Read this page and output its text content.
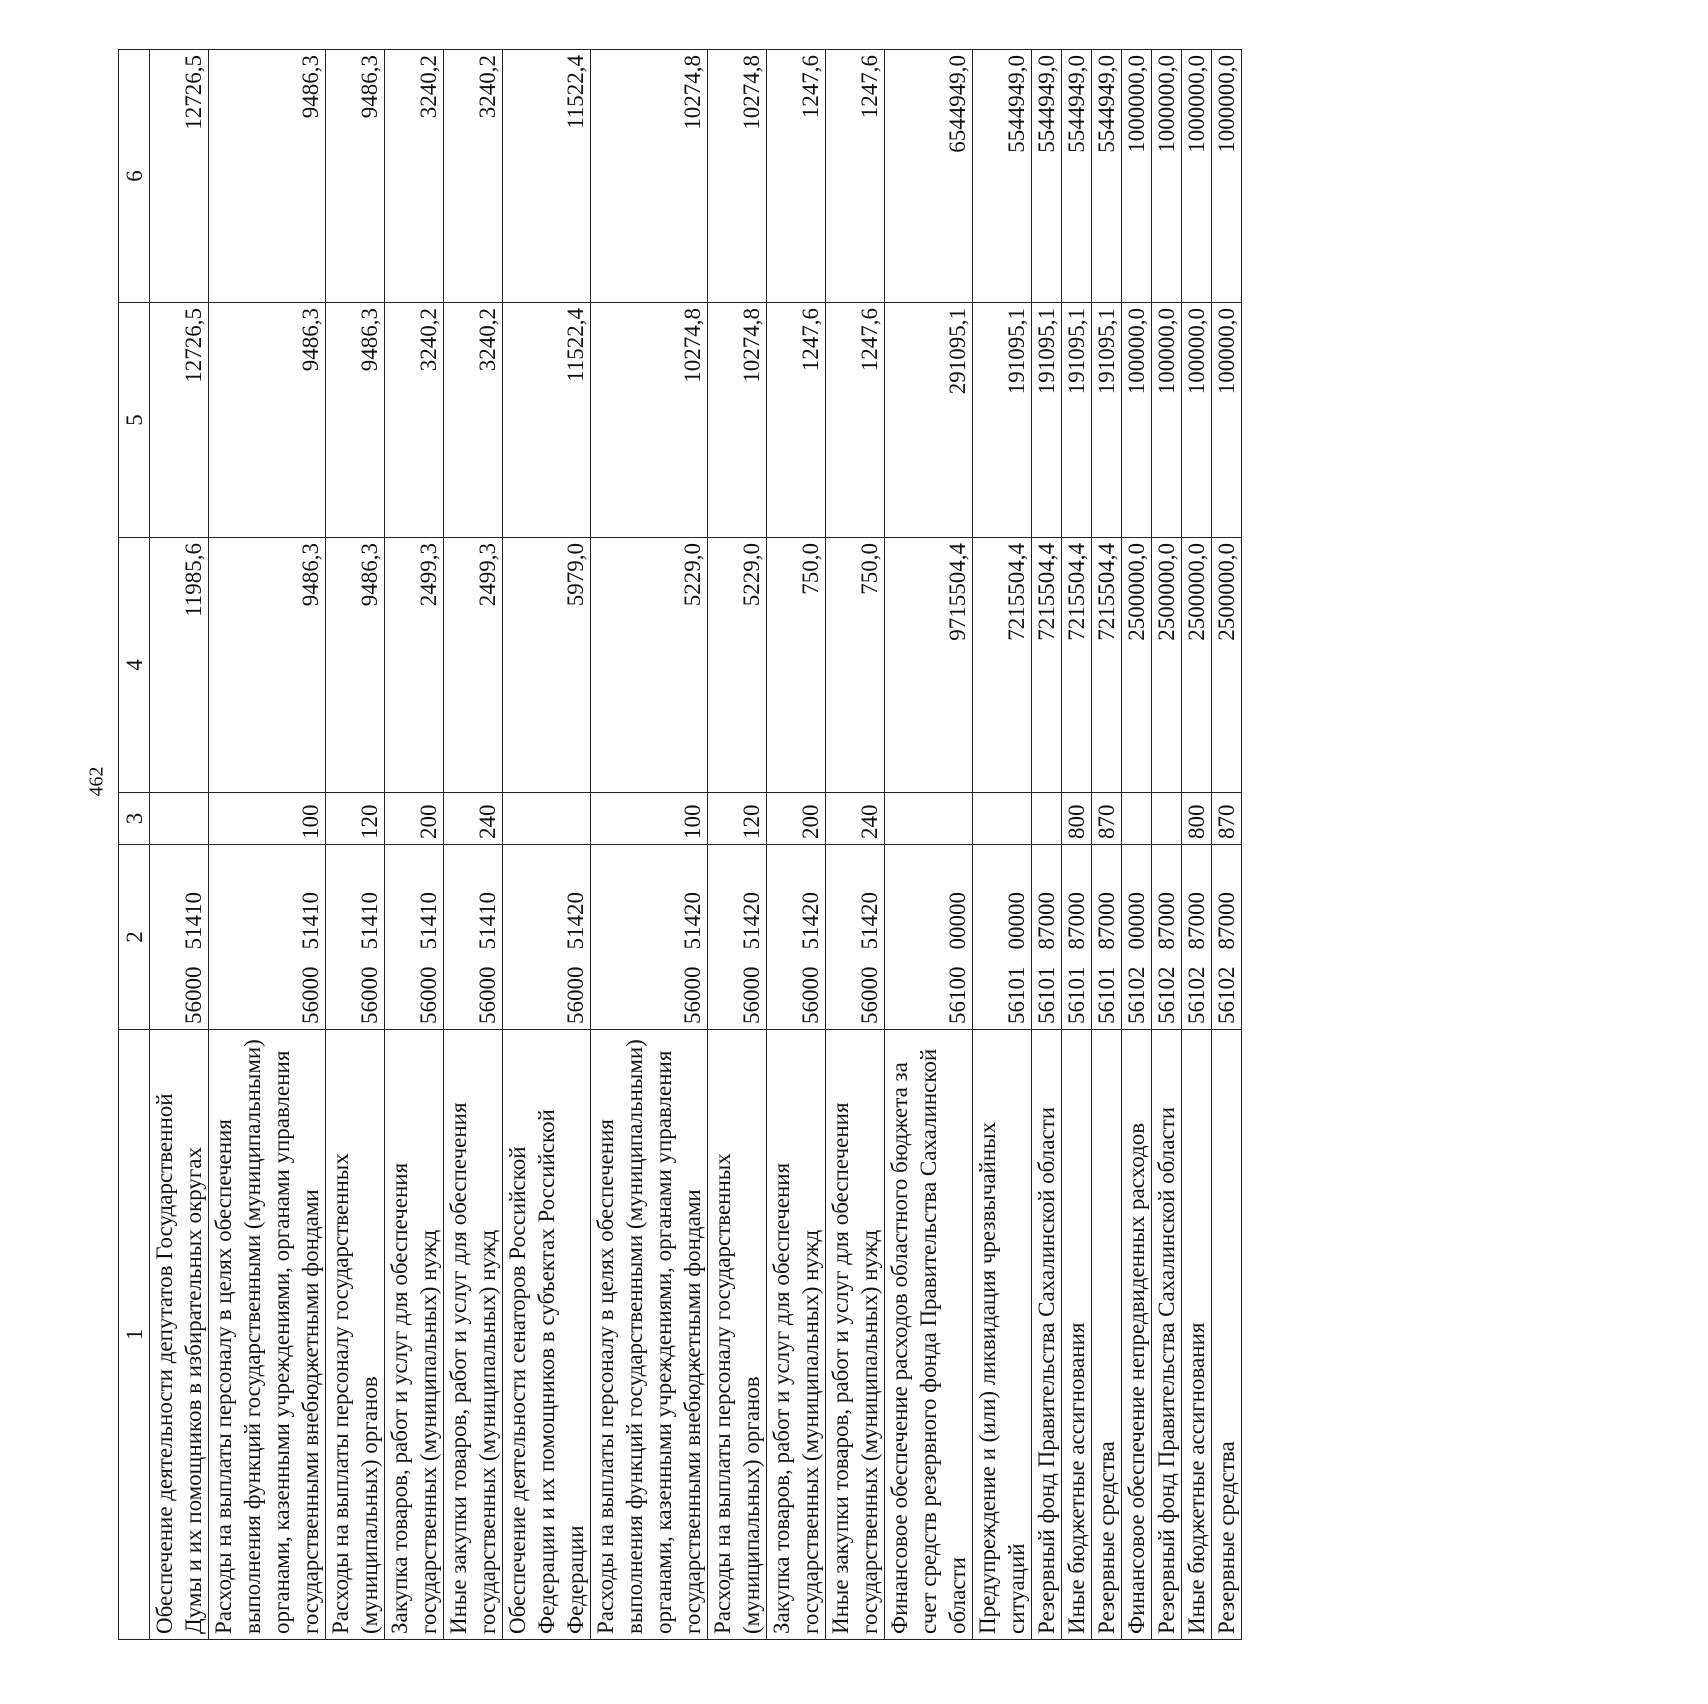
462
1	2	3	4	5	6
Обеспечение деятельности депутатов Государственной Думы и их помощников в избирательных округах	5600051410		11985,6	12726,5	12726,5
Расходы на выплаты персоналу в целях обеспечения выполнения функций государственными (муниципальными) органами, казенными учреждениями, органами управления государственными внебюджетными фондами	5600051410	100	9486,3	9486,3	9486,3
Расходы на выплаты персоналу государственных (муниципальных) органов	5600051410	120	9486,3	9486,3	9486,3
Закупка товаров, работ и услуг для обеспечения государственных (муниципальных) нужд	5600051410	200	2499,3	3240,2	3240,2
Иные закупки товаров, работ и услуг для обеспечения государственных (муниципальных) нужд	5600051410	240	2499,3	3240,2	3240,2
Обеспечение деятельности сенаторов Российской Федерации и их помощников в субъектах Российской Федерации	5600051420		5979,0	11522,4	11522,4
Расходы на выплаты персоналу в целях обеспечения выполнения функций государственными (муниципальными) органами, казенными учреждениями, органами управления государственными внебюджетными фондами	5600051420	100	5229,0	10274,8	10274,8
Расходы на выплаты персоналу государственных (муниципальных) органов	5600051420	120	5229,0	10274,8	10274,8
Закупка товаров, работ и услуг для обеспечения государственных (муниципальных) нужд	5600051420	200	750,0	1247,6	1247,6
Иные закупки товаров, работ и услуг для обеспечения государственных (муниципальных) нужд	5600051420	240	750,0	1247,6	1247,6
Финансовое обеспечение расходов областного бюджета за счет средств резервного фонда Правительства Сахалинской области	5610000000		9715504,4	291095,1	6544949,0
Предупреждение и (или) ликвидация чрезвычайных ситуаций	5610100000		7215504,4	191095,1	5544949,0
Резервный фонд Правительства Сахалинской области	5610187000		7215504,4	191095,1	5544949,0
Иные бюджетные ассигнования	5610187000	800	7215504,4	191095,1	5544949,0
Резервные средства	5610187000	870	7215504,4	191095,1	5544949,0
Финансовое обеспечение непредвиденных расходов	5610200000		2500000,0	100000,0	1000000,0
Резервный фонд Правительства Сахалинской области	5610287000		2500000,0	100000,0	1000000,0
Иные бюджетные ассигнования	5610287000	800	2500000,0	100000,0	1000000,0
Резервные средства	5610287000	870	2500000,0	100000,0	1000000,0
